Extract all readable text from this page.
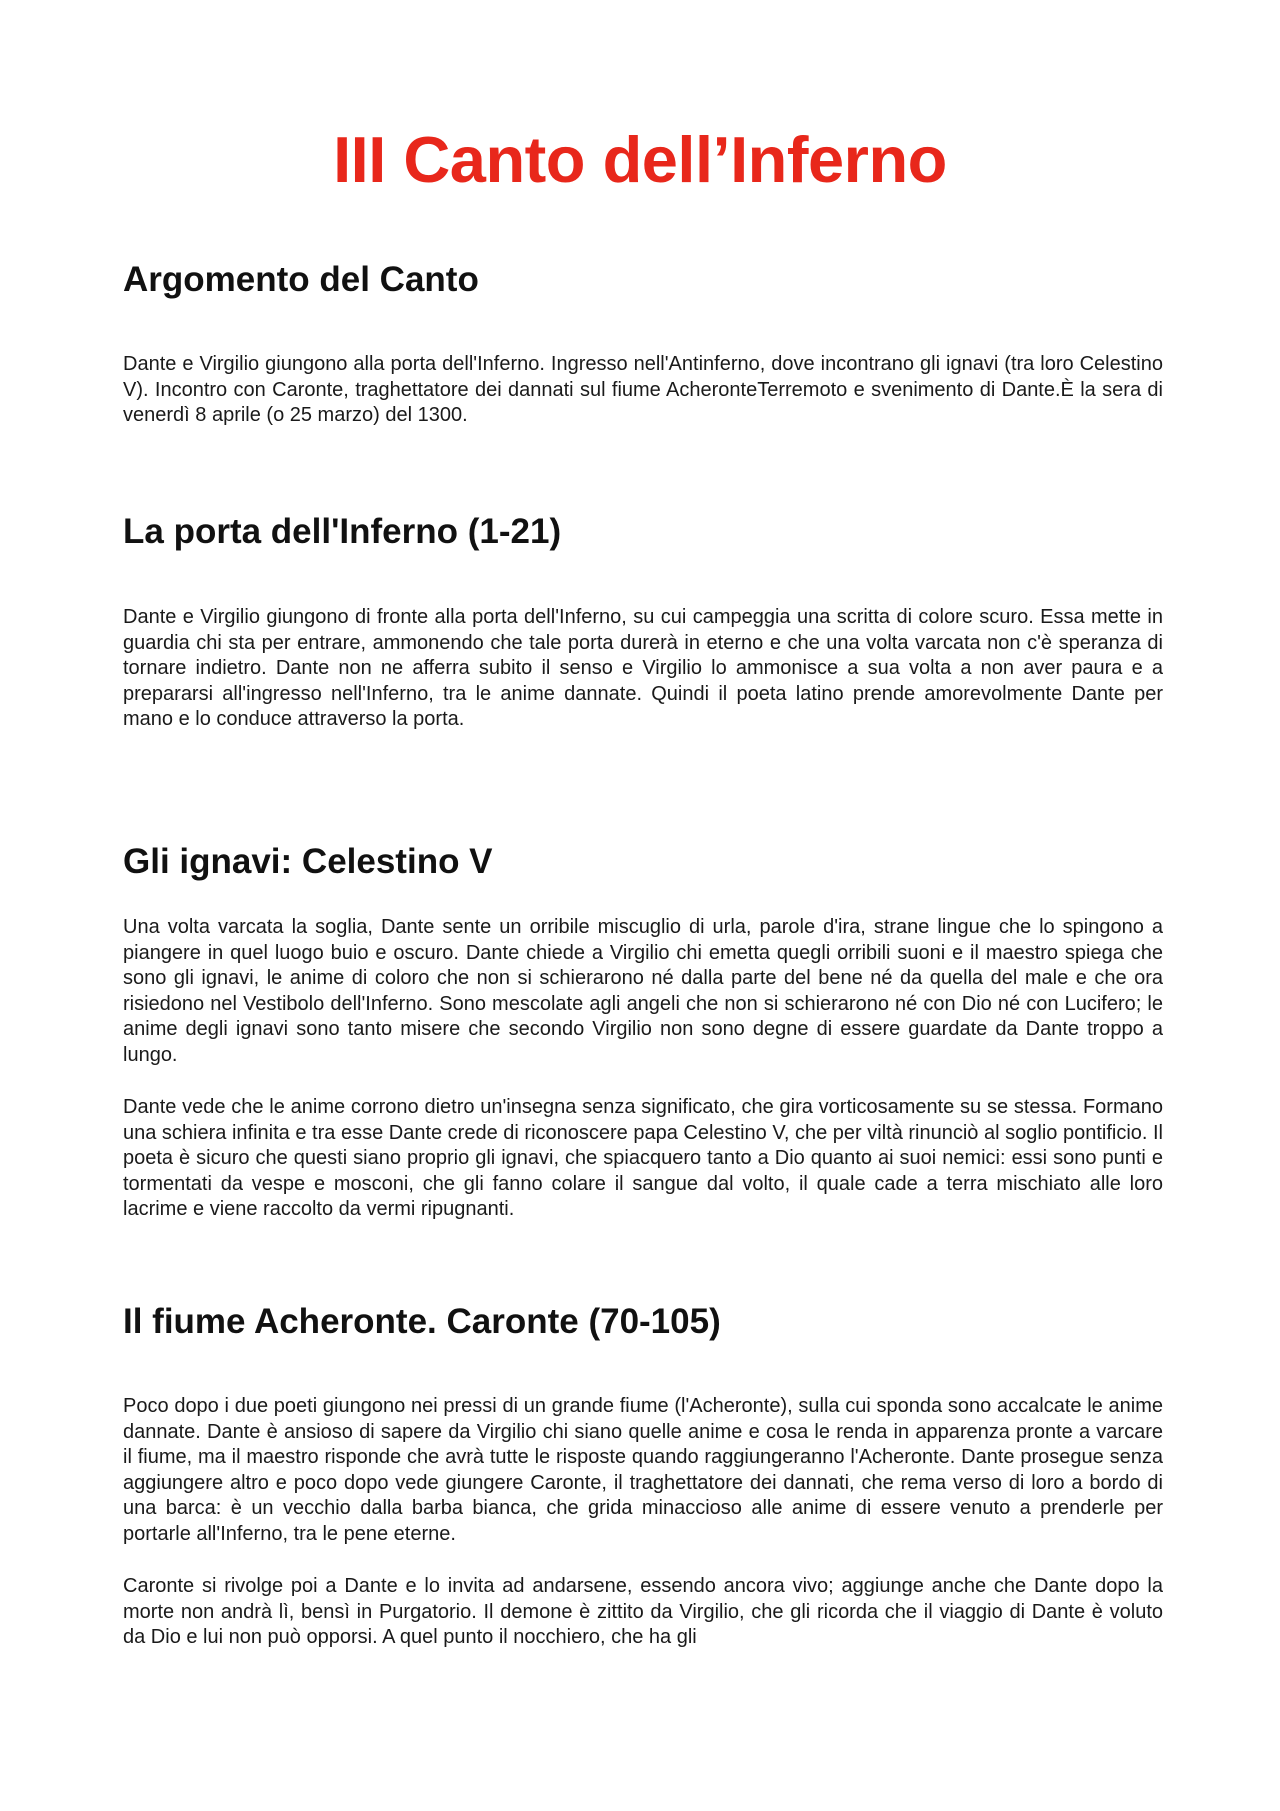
III Canto dell’Inferno
Argomento del Canto

Dante e Virgilio giungono alla porta dell'Inferno. Ingresso nell'Antinferno, dove incontrano gli ignavi (tra loro Celestino V). Incontro con Caronte, traghettatore dei dannati sul fiume AcheronteTerremoto e svenimento di Dante.È la sera di venerdì 8 aprile (o 25 marzo) del 1300.

La porta dell'Inferno (1-21)

Dante e Virgilio giungono di fronte alla porta dell'Inferno, su cui campeggia una scritta di colore scuro. Essa mette in guardia chi sta per entrare, ammonendo che tale porta durerà in eterno e che una volta varcata non c'è speranza di tornare indietro. Dante non ne afferra subito il senso e Virgilio lo ammonisce a sua volta a non aver paura e a prepararsi all'ingresso nell'Inferno, tra le anime dannate. Quindi il poeta latino prende amorevolmente Dante per mano e lo conduce attraverso la porta.

Gli ignavi: Celestino V

Una volta varcata la soglia, Dante sente un orribile miscuglio di urla, parole d'ira, strane lingue che lo spingono a piangere in quel luogo buio e oscuro. Dante chiede a Virgilio chi emetta quegli orribili suoni e il maestro spiega che sono gli ignavi, le anime di coloro che non si schierarono né dalla parte del bene né da quella del male e che ora risiedono nel Vestibolo dell'Inferno. Sono mescolate agli angeli che non si schierarono né con Dio né con Lucifero; le anime degli ignavi sono tanto misere che secondo Virgilio non sono degne di essere guardate da Dante troppo a lungo.

Dante vede che le anime corrono dietro un'insegna senza significato, che gira vorticosamente su se stessa. Formano una schiera infinita e tra esse Dante crede di riconoscere papa Celestino V, che per viltà rinunciò al soglio pontificio. Il poeta è sicuro che questi siano proprio gli ignavi, che spiacquero tanto a Dio quanto ai suoi nemici: essi sono punti e tormentati da vespe e mosconi, che gli fanno colare il sangue dal volto, il quale cade a terra mischiato alle loro lacrime e viene raccolto da vermi ripugnanti.

Il fiume Acheronte. Caronte (70-105)

Poco dopo i due poeti giungono nei pressi di un grande fiume (l'Acheronte), sulla cui sponda sono accalcate le anime dannate. Dante è ansioso di sapere da Virgilio chi siano quelle anime e cosa le renda in apparenza pronte a varcare il fiume, ma il maestro risponde che avrà tutte le risposte quando raggiungeranno l'Acheronte. Dante prosegue senza aggiungere altro e poco dopo vede giungere Caronte, il traghettatore dei dannati, che rema verso di loro a bordo di una barca: è un vecchio dalla barba bianca, che grida minaccioso alle anime di essere venuto a prenderle per portarle all'Inferno, tra le pene eterne.

Caronte si rivolge poi a Dante e lo invita ad andarsene, essendo ancora vivo; aggiunge anche che Dante dopo la morte non andrà lì, bensì in Purgatorio. Il demone è zittito da Virgilio, che gli ricorda che il viaggio di Dante è voluto da Dio e lui non può opporsi. A quel punto il nocchiero, che ha gli
